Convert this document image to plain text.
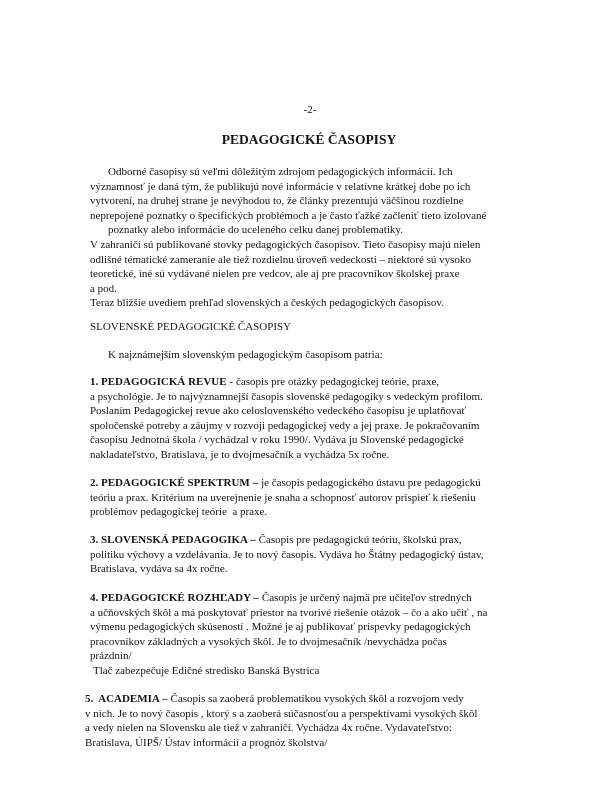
-2-
PEDAGOGICKÉ ČASOPISY
Odborné časopisy sú veľmi dôležitým zdrojom pedagogických informácií. Ich
významnosť je daná tým, že publikujú nové informácie v relatívne krátkej dobe po ich
vytvorení, na druhej strane je nevýhodou to, že články prezentujú väčšinou rozdielne
neprepojené poznatky o špecifických problémoch a je často ťažké začleniť tieto izolované
poznatky alebo informácie do uceleného celku danej problematiky.
V zahraničí sú publikované stovky pedagogických časopisov. Tieto časopisy majú nielen
odlišné tématické zameranie ale tiež rozdielnu úroveň vedeckosti – niektoré sú vysoko
teoretické, iné sú vydávané nielen pre vedcov, ale aj pre pracovníkov školskej praxe
a pod.
Teraz bližšie uvediem prehľad slovenských a českých pedagogických časopisov.
SLOVENSKÉ PEDAGOGICKÉ ČASOPISY
K najznámejším slovenským pedagogickým časopisom patria:
1. PEDAGOGICKÁ REVUE - časopis pre otázky pedagogickej teórie, praxe,
a psychológie. Je to najvýznamnejší časopis slovenské pedagogiky s vedeckým profilom.
Poslaním Pedagogickej revue ako celoslovenského vedeckého časopisu je uplatňovať
spoločenské potreby a záujmy v rozvoji pedagogickej vedy a jej praxe. Je pokračovaním
časopisu Jednotná škola / vychádzal v roku 1990/. Vydáva ju Slovenské pedagogické
nakladateľstvo, Bratislava, je to dvojmesačník a vychádza 5x ročne.
2. PEDAGOGICKÉ SPEKTRUM – je časopis pedagogického ústavu pre pedagogickú
teóriu a prax. Kritérium na uverejnenie je snaha a schopnosť autorov prispieť k riešeniu
problémov pedagogickej teórie  a praxe.
3. SLOVENSKÁ PEDAGOGIKA – Časopis pre pedagogickú teóriu, školskú prax,
politiku výchovy a vzdelávania. Je to nový časopis. Vydáva ho Štátny pedagogický ústav,
Bratislava, vydáva sa 4x ročne.
4. PEDAGOGICKÉ ROZHĽADY – Časopis je určený najmä pre učiteľov stredných
a učňovských škôl a má poskytovať priestor na tvorivé riešenie otázok – čo a ako učiť , na
výmenu pedagogických skúseností . Možné je aj publikovať príspevky pedagogických
pracovníkov základných a vysokých škôl. Je to dvojmesačník /nevychádza počas
prázdnin/
Tlač zabezpečuje Edičné stredisko Banská Bystrica
5.  ACADEMIA – Časopis sa zaoberá problematikou vysokých škôl a rozvojom vedy
v nich. Je to nový časopis , ktorý s a zaoberá súčasnosťou a perspektívami vysokých škôl
a vedy nielen na Slovensku ale tiež v zahraničí. Vychádza 4x ročne. Vydavateľstvo:
Bratislava, ÚIPŠ/ Ústav informácií a prognóz školstva/
